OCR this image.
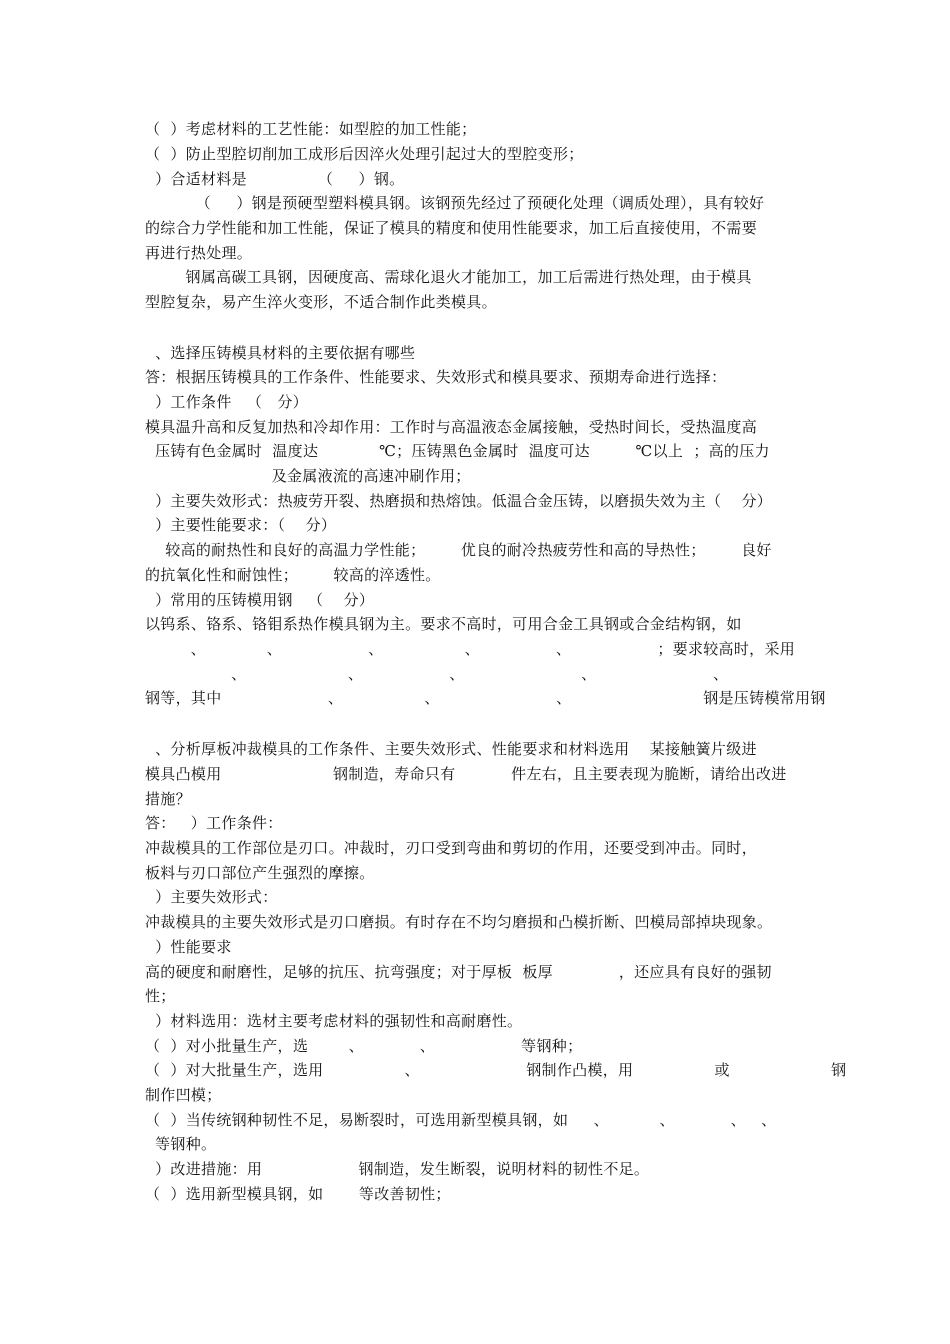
（  ）考虑材料的工艺性能：如型腔的加工性能；
（  ）防止型腔切削加工成形后因淬火处理引起过大的型腔变形；
）合适材料是              （     ）钢。
（     ）钢是预硬型塑料模具钢。该钢预先经过了预硬化处理（调质处理），具有较好
的综合力学性能和加工性能，保证了模具的精度和使用性能要求，加工后直接使用，不需要
再进行热处理。
钢属高碳工具钢，因硬度高、需球化退火才能加工，加工后需进行热处理，由于模具
型腔复杂，易产生淬火变形，不适合制作此类模具。
、选择压铸模具材料的主要依据有哪些
答：根据压铸模具的工作条件、性能要求、失效形式和模具要求、预期寿命进行选择：
）工作条件   （   分）
模具温升高和反复加热和冷却作用：工作时与高温液态金属接触，受热时间长，受热温度高
压铸有色金属时  温度达            ℃；压铸黑色金属时  温度可达         ℃以上  ；高的压力
及金属液流的高速冲刷作用；
）主要失效形式：热疲劳开裂、热磨损和热熔蚀。低温合金压铸，以磨损失效为主（    分）
）主要性能要求：（    分）
较高的耐热性和良好的高温力学性能；       优良的耐冷热疲劳性和高的导热性；       良好
的抗氧化性和耐蚀性；       较高的淬透性。
）常用的压铸模用钢   （    分）
以钨系、铬系、铬钼系热作模具钢为主。要求不高时，可用合金工具钢或合金结构钢，如
、            、                 、                、               、                 ；要求较高时，采用
、                    、                 、                       、                       、
钢等，其中                     、                、                       、                          钢是压铸模常用钢
、分析厚板冲裁模具的工作条件、主要失效形式、性能要求和材料选用    某接触簧片级进
模具凸模用                      钢制造，寿命只有           件左右，且主要表现为脆断，请给出改进
措施？
答：   ）工作条件：
冲裁模具的工作部位是刃口。冲裁时，刃口受到弯曲和剪切的作用，还要受到冲击。同时，
板料与刃口部位产生强烈的摩擦。
）主要失效形式：
冲裁模具的主要失效形式是刃口磨损。有时存在不均匀磨损和凸模折断、凹模局部掉块现象。
）性能要求
高的硬度和耐磨性，足够的抗压、抗弯强度；对于厚板  板厚             ，还应具有良好的强韧
性；
）材料选用：选材主要考虑材料的强韧性和高耐磨性。
（  ）对小批量生产，选        、           、                 等钢种；
（  ）对大批量生产，选用                、                     钢制作凸模，用                或                    钢
制作凹模；
（  ）当传统钢种韧性不足，易断裂时，可选用新型模具钢，如     、          、           、   、
等钢种。
）改进措施：用                   钢制造，发生断裂，说明材料的韧性不足。
（  ）选用新型模具钢，如       等改善韧性；
